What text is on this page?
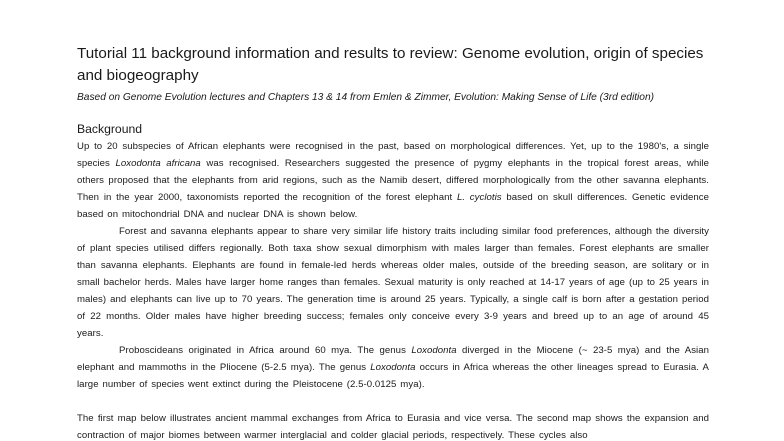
Tutorial 11 background information and results to review: Genome evolution, origin of species and biogeography
Based on Genome Evolution lectures and Chapters 13 & 14 from Emlen & Zimmer, Evolution: Making Sense of Life (3rd edition)
Background

Up to 20 subspecies of African elephants were recognised in the past, based on morphological differences. Yet, up to the 1980's, a single species Loxodonta africana was recognised. Researchers suggested the presence of pygmy elephants in the tropical forest areas, while others proposed that the elephants from arid regions, such as the Namib desert, differed morphologically from the other savanna elephants. Then in the year 2000, taxonomists reported the recognition of the forest elephant L. cyclotis based on skull differences. Genetic evidence based on mitochondrial DNA and nuclear DNA is shown below.

Forest and savanna elephants appear to share very similar life history traits including similar food preferences, although the diversity of plant species utilised differs regionally. Both taxa show sexual dimorphism with males larger than females. Forest elephants are smaller than savanna elephants. Elephants are found in female-led herds whereas older males, outside of the breeding season, are solitary or in small bachelor herds. Males have larger home ranges than females. Sexual maturity is only reached at 14-17 years of age (up to 25 years in males) and elephants can live up to 70 years. The generation time is around 25 years. Typically, a single calf is born after a gestation period of 22 months. Older males have higher breeding success; females only conceive every 3-9 years and breed up to an age of around 45 years.

Proboscideans originated in Africa around 60 mya. The genus Loxodonta diverged in the Miocene (~ 23-5 mya) and the Asian elephant and mammoths in the Pliocene (5-2.5 mya). The genus Loxodonta occurs in Africa whereas the other lineages spread to Eurasia. A large number of species went extinct during the Pleistocene (2.5-0.0125 mya).

The first map below illustrates ancient mammal exchanges from Africa to Eurasia and vice versa. The second map shows the expansion and contraction of major biomes between warmer interglacial and colder glacial periods, respectively. These cycles also
